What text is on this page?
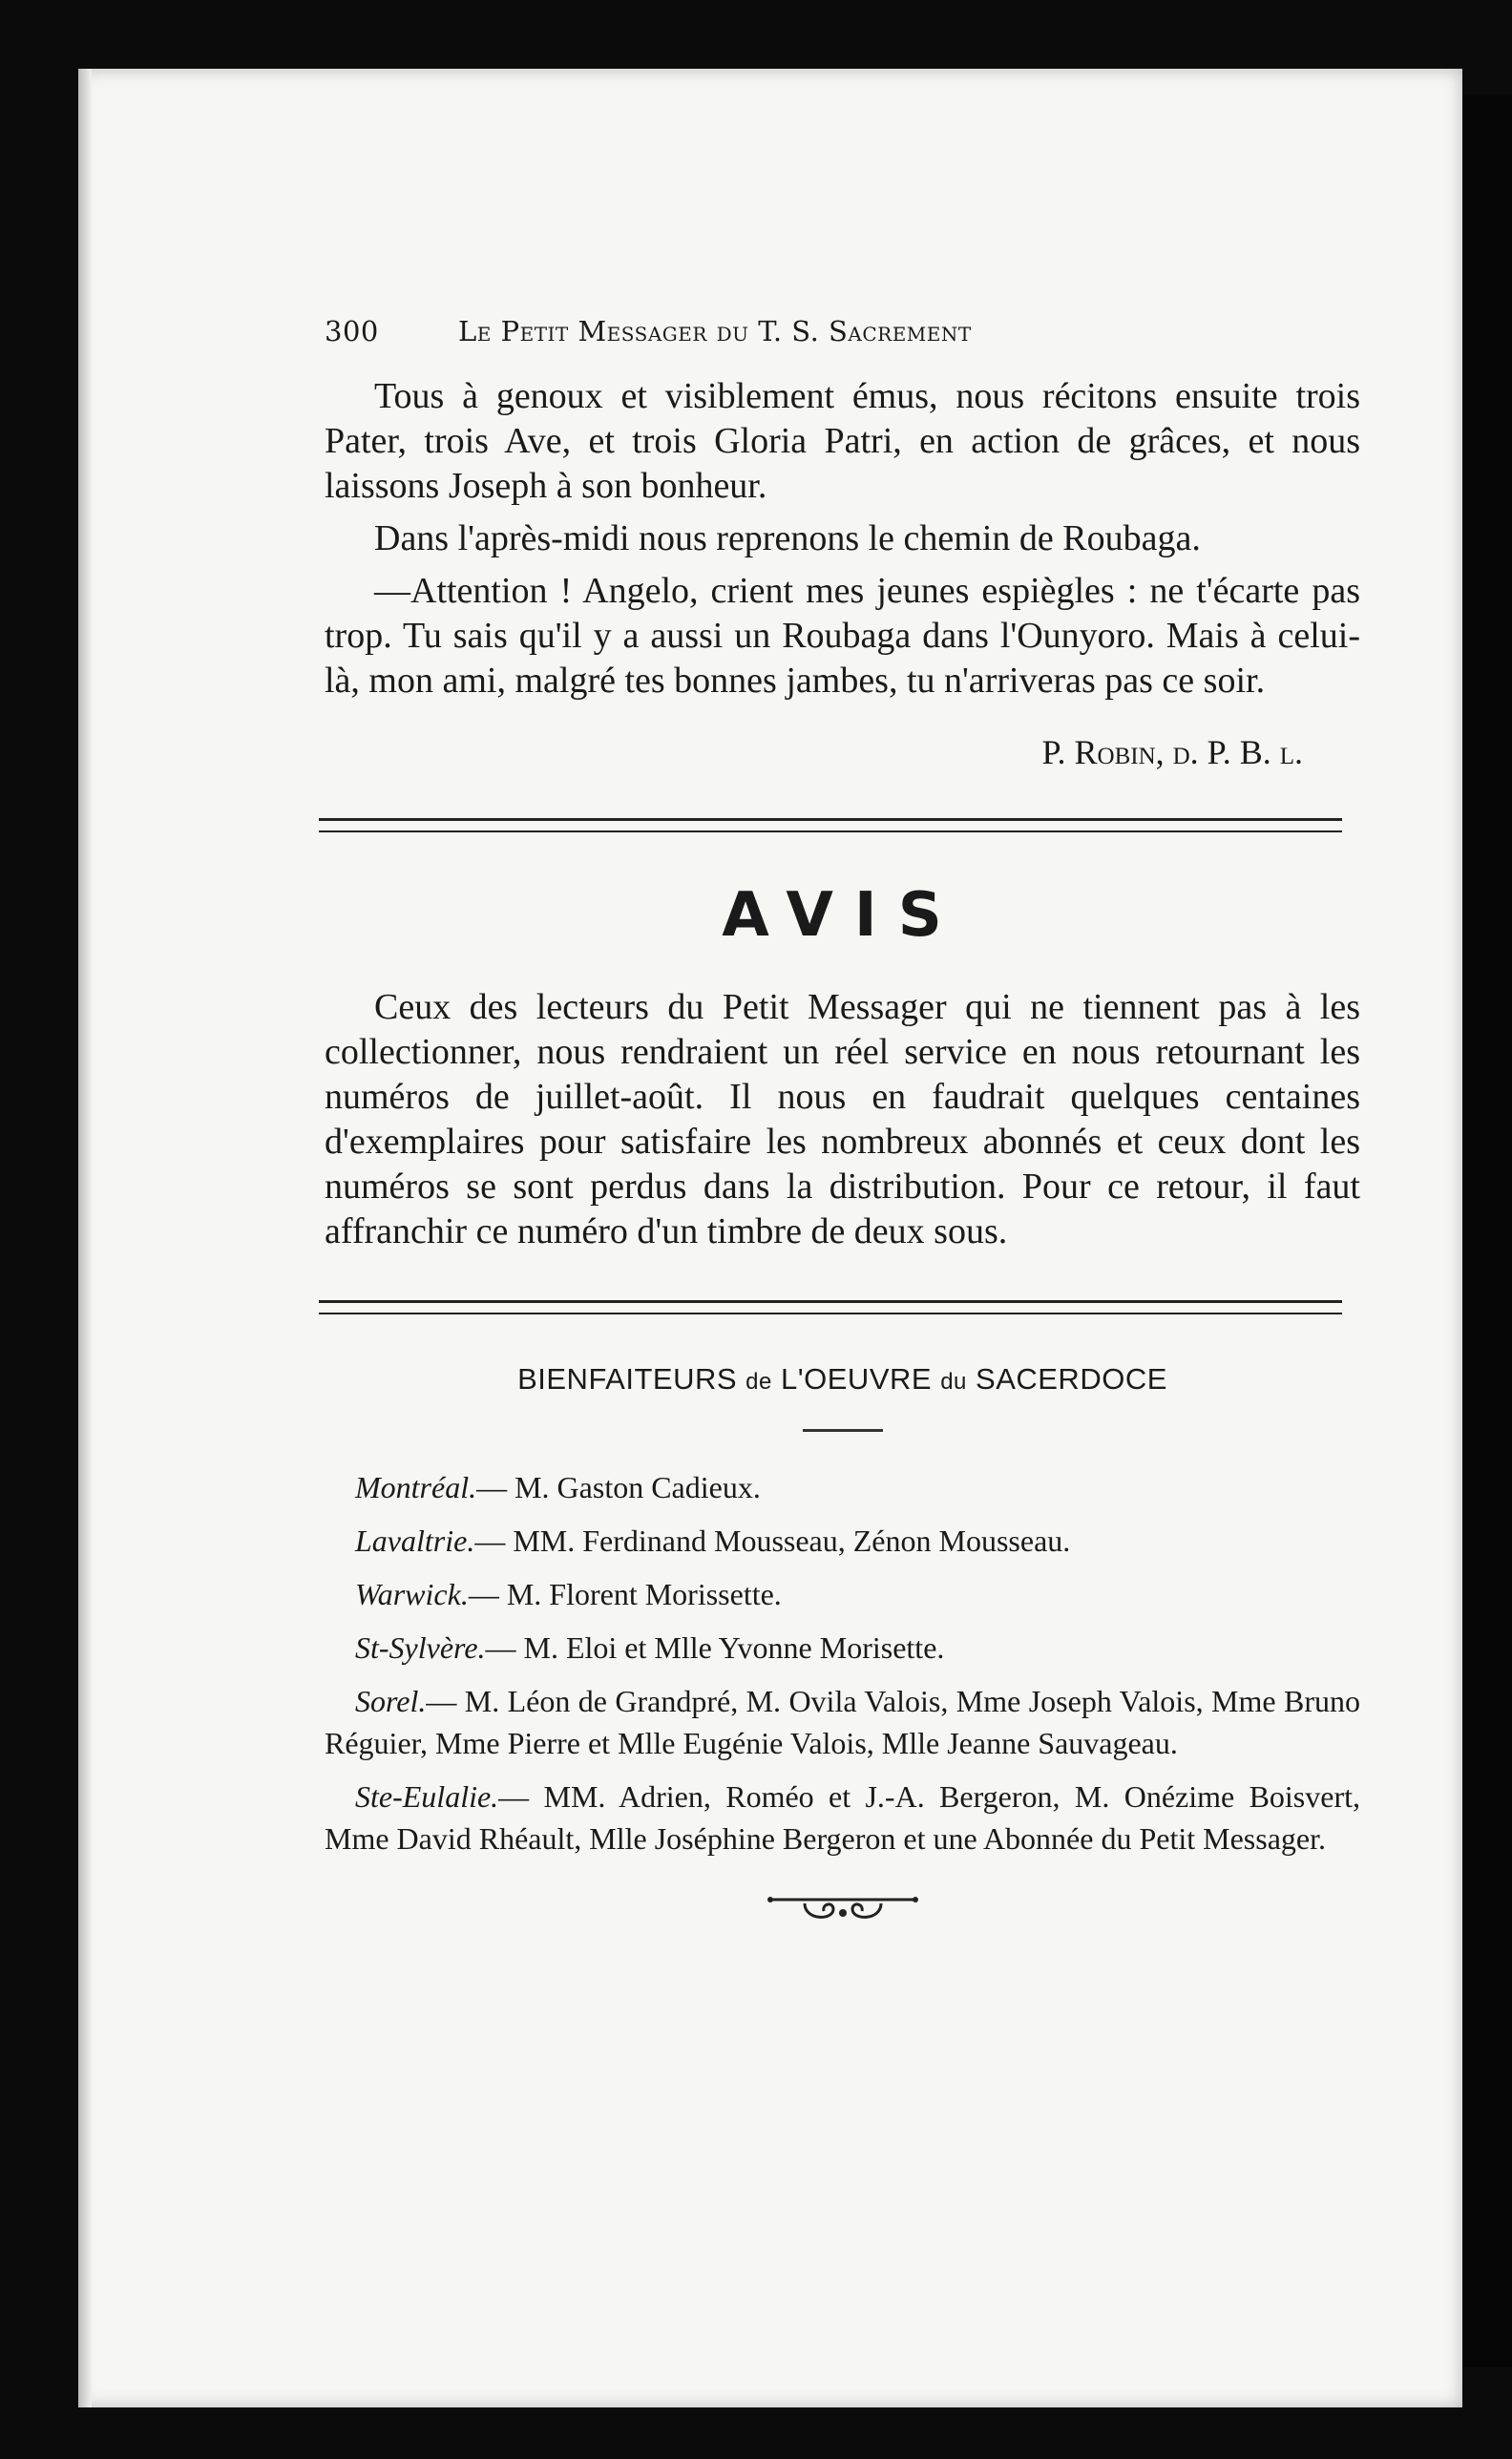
300	Le Petit Messager du T. S. Sacrement

Tous à genoux et visiblement émus, nous récitons ensuite trois Pater, trois Ave, et trois Gloria Patri, en action de grâces, et nous laissons Joseph à son bonheur.

Dans l'après-midi nous reprenons le chemin de Roubaga.

—Attention ! Angelo, crient mes jeunes espiègles : ne t'écarte pas trop. Tu sais qu'il y a aussi un Roubaga dans l'Ounyoro. Mais à celui-là, mon ami, malgré tes bonnes jambes, tu n'arriveras pas ce soir.

P. Robin, d. P. B. l.
AVIS

Ceux des lecteurs du Petit Messager qui ne tiennent pas à les collectionner, nous rendraient un réel service en nous retournant les numéros de juillet-août. Il nous en faudrait quelques centaines d'exemplaires pour satisfaire les nombreux abonnés et ceux dont les numéros se sont perdus dans la distribution. Pour ce retour, il faut affranchir ce numéro d'un timbre de deux sous.

BIENFAITEURS de L'OEUVRE du SACERDOCE

Montréal.— M. Gaston Cadieux.

Lavaltrie.— MM. Ferdinand Mousseau, Zénon Mousseau.

Warwick.— M. Florent Morissette.

St-Sylvère.— M. Eloi et Mlle Yvonne Morisette.

Sorel.— M. Léon de Grandpré, M. Ovila Valois, Mme Joseph Valois, Mme Bruno Réguier, Mme Pierre et Mlle Eugénie Valois, Mlle Jeanne Sauvageau.

Ste-Eulalie.— MM. Adrien, Roméo et J.-A. Bergeron, M. Onézime Boisvert, Mme David Rhéault, Mlle Joséphine Bergeron et une Abonnée du Petit Messager.
